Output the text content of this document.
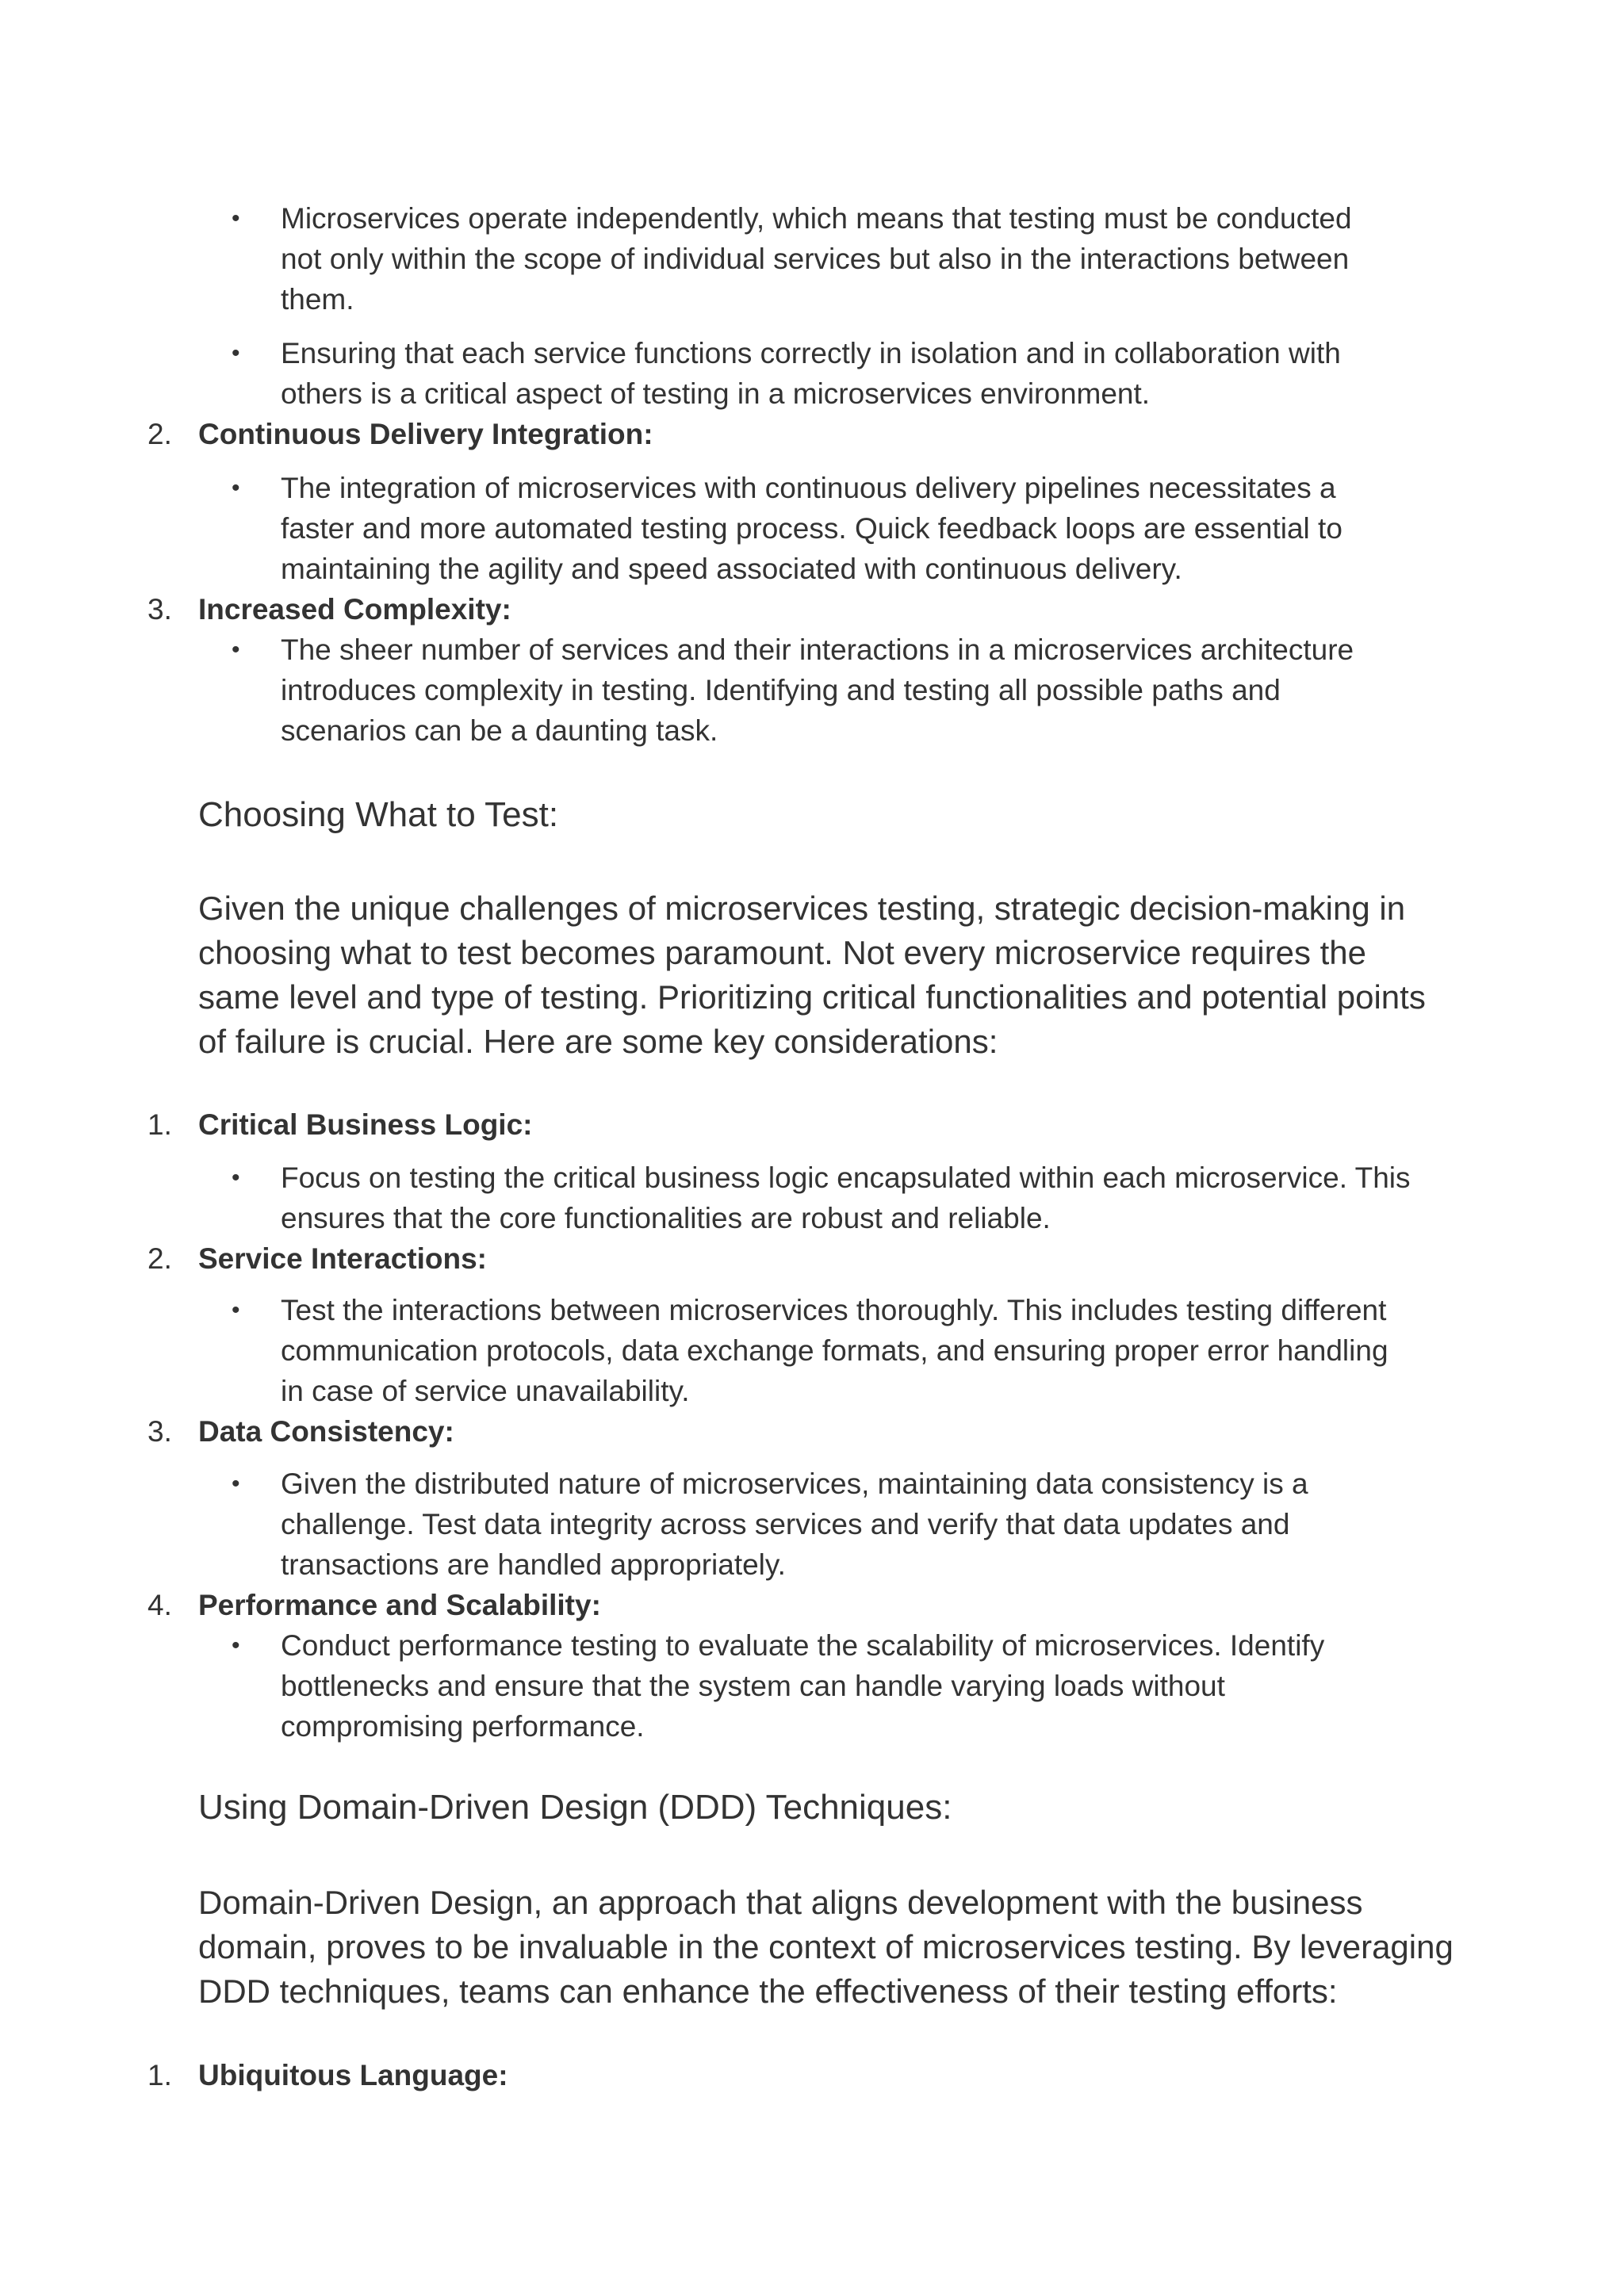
• Microservices operate independently, which means that testing must be conducted
not only within the scope of individual services but also in the interactions between
them.
• Ensuring that each service functions correctly in isolation and in collaboration with
others is a critical aspect of testing in a microservices environment.
2. Continuous Delivery Integration:
• The integration of microservices with continuous delivery pipelines necessitates a
faster and more automated testing process. Quick feedback loops are essential to
maintaining the agility and speed associated with continuous delivery.
3. Increased Complexity:
• The sheer number of services and their interactions in a microservices architecture
introduces complexity in testing. Identifying and testing all possible paths and
scenarios can be a daunting task.
Choosing What to Test:
Given the unique challenges of microservices testing, strategic decision-making in
choosing what to test becomes paramount. Not every microservice requires the
same level and type of testing. Prioritizing critical functionalities and potential points
of failure is crucial. Here are some key considerations:
1. Critical Business Logic:
• Focus on testing the critical business logic encapsulated within each microservice. This
ensures that the core functionalities are robust and reliable.
2. Service Interactions:
• Test the interactions between microservices thoroughly. This includes testing different
communication protocols, data exchange formats, and ensuring proper error handling
in case of service unavailability.
3. Data Consistency:
• Given the distributed nature of microservices, maintaining data consistency is a
challenge. Test data integrity across services and verify that data updates and
transactions are handled appropriately.
4. Performance and Scalability:
• Conduct performance testing to evaluate the scalability of microservices. Identify
bottlenecks and ensure that the system can handle varying loads without
compromising performance.
Using Domain-Driven Design (DDD) Techniques:
Domain-Driven Design, an approach that aligns development with the business
domain, proves to be invaluable in the context of microservices testing. By leveraging
DDD techniques, teams can enhance the effectiveness of their testing efforts:
1. Ubiquitous Language:
